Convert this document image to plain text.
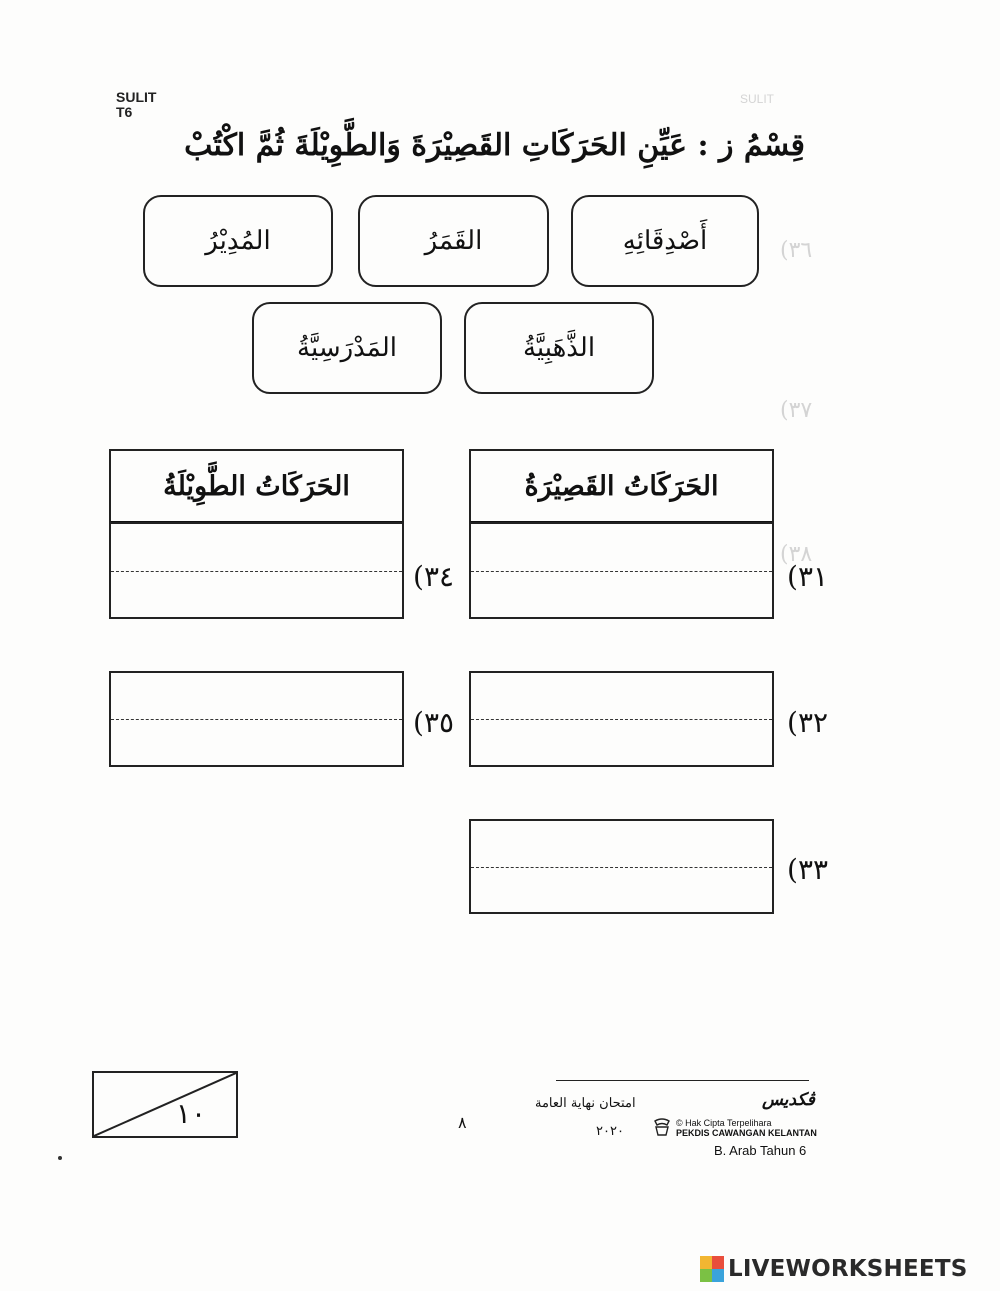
SULIT
(٣٦
(٣٧
(٣٨
SULIT
T6
قِسْمُ ز : عَيِّنِ الحَرَكَاتِ القَصِيْرَةَ وَالطَّوِيْلَةَ ثُمَّ اكْتُبْ
أَصْدِقَائِهِ
القَمَرُ
المُدِيْرُ
الذَّهَبِيَّةُ
المَدْرَسِيَّةُ
الحَرَكَاتُ القَصِيْرَةُ
الحَرَكَاتُ الطَّوِيْلَةُ
٣١)
٣٢)
٣٣)
٣٤)
٣٥)
١٠	٨
امتحان نهاية العامة
٢٠٢٠
ڤكديس
© Hak Cipta Terpelihara
PEKDIS CAWANGAN KELANTAN
B. Arab Tahun 6
LIVEWORKSHEETS
